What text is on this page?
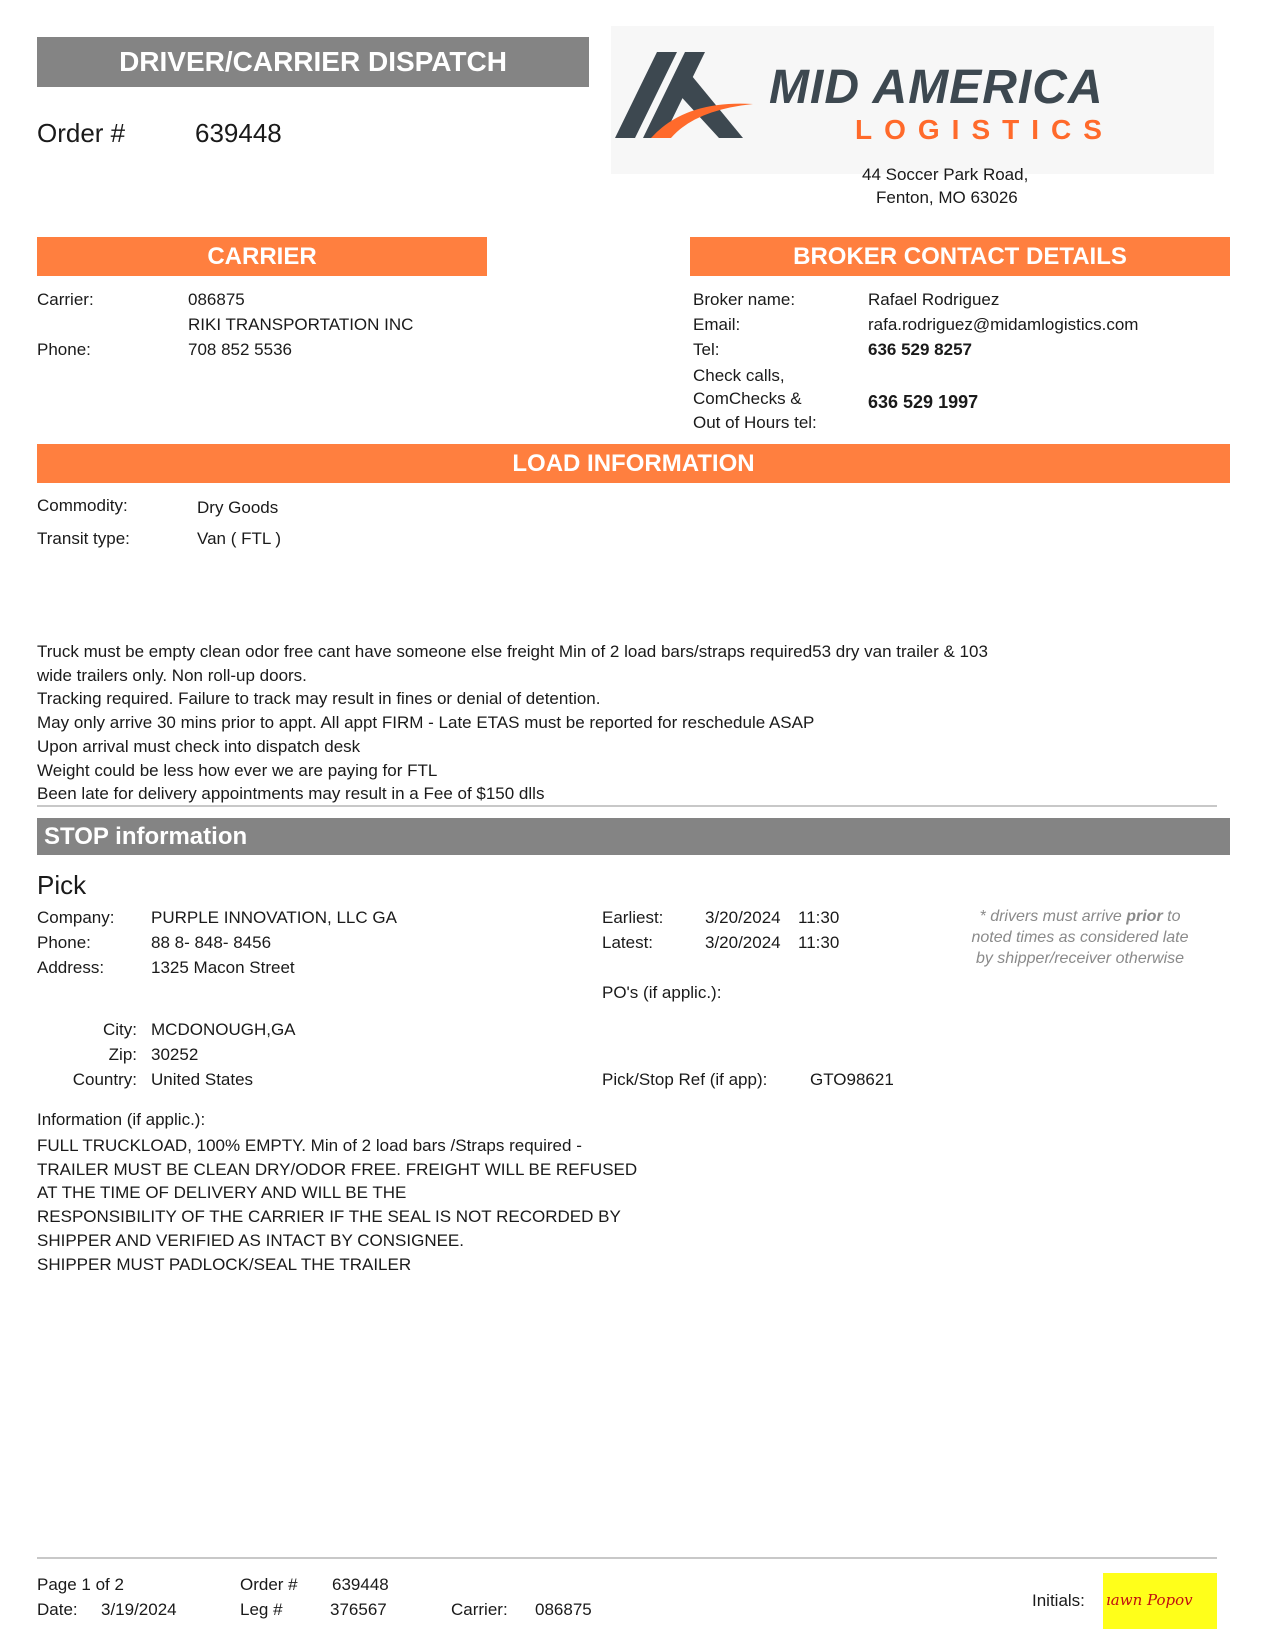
DRIVER/CARRIER DISPATCH
Order #	639448
MID AMERICA
LOGISTICS
44 Soccer Park Road,
Fenton, MO 63026
CARRIER
Carrier:	086875
RIKI TRANSPORTATION INC
Phone:	708 852 5536
BROKER CONTACT DETAILS
Broker name:	Rafael Rodriguez
Email:	rafa.rodriguez@midamlogistics.com
Tel:	636 529 8257
Check calls,
ComChecks &
Out of Hours tel:
636 529 1997
LOAD INFORMATION
Commodity:	Dry Goods
Transit type:	Van ( FTL )
Truck must be empty clean odor free cant have someone else freight Min of 2 load bars/straps required53 dry van trailer & 103
wide trailers only. Non roll-up doors.
Tracking required. Failure to track may result in fines or denial of detention.
May only arrive 30 mins prior to appt. All appt FIRM - Late ETAS must be reported for reschedule ASAP
Upon arrival must check into dispatch desk
Weight could be less how ever we are paying for FTL
Been late for delivery appointments may result in a Fee of $150 dlls
STOP information
Pick
Company: PURPLE INNOVATION, LLC GA
Phone:	88 8- 848- 8456
Address:	1325 Macon Street
City: MCDONOUGH,GA
Zip: 30252
Country: United States
Earliest: 3/20/2024 11:30
Latest:	3/20/2024 11:30
PO's (if applic.):
Pick/Stop Ref (if app):	GTO98621
* drivers must arrive prior to
noted times as considered late
by shipper/receiver otherwise
Information (if applic.):
FULL TRUCKLOAD, 100% EMPTY. Min of 2 load bars /Straps required -
TRAILER MUST BE CLEAN DRY/ODOR FREE. FREIGHT WILL BE REFUSED
AT THE TIME OF DELIVERY AND WILL BE THE
RESPONSIBILITY OF THE CARRIER IF THE SEAL IS NOT RECORDED BY
SHIPPER AND VERIFIED AS INTACT BY CONSIGNEE.
SHIPPER MUST PADLOCK/SEAL THE TRAILER
Page 1 of 2
Date: 3/19/2024
Order # 639448
Leg #	376567	Carrier: 086875	Initials: ıawn Popov
